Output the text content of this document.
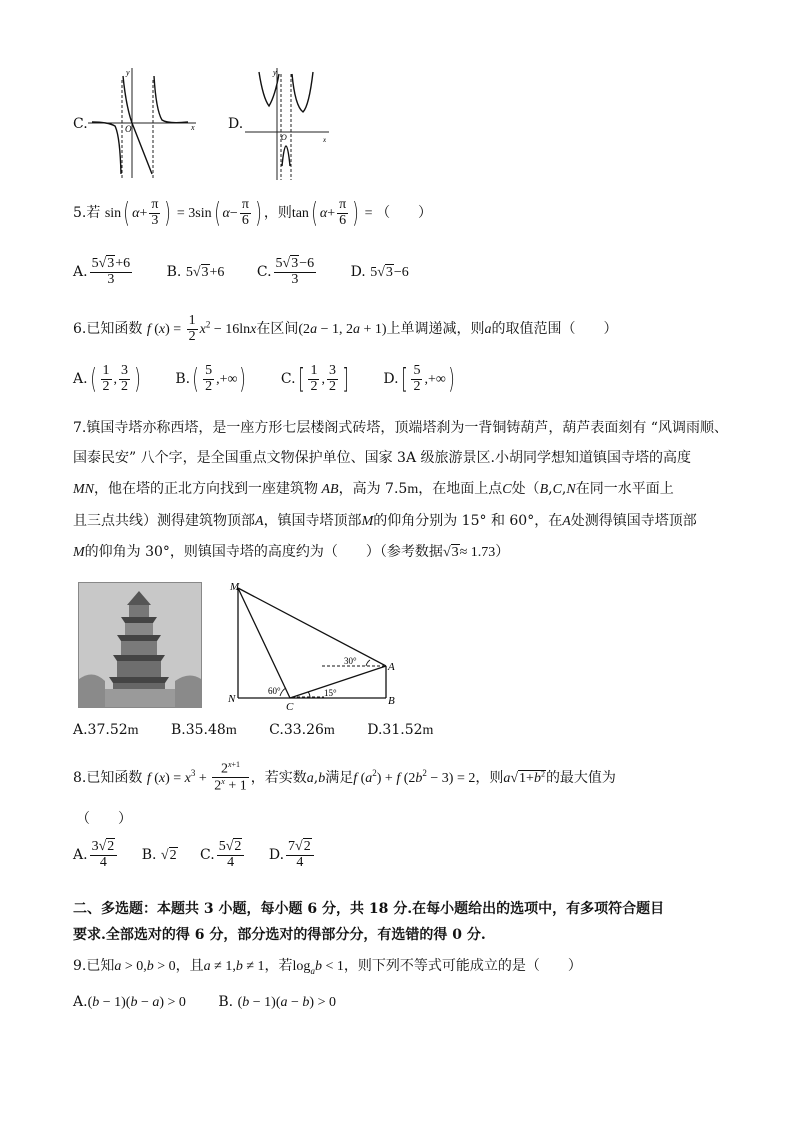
C.
y
O	x D.
y
O	x
5.若 sin( $\alpha+ \frac{\pi}{3}$ ) = 3sin( $\alpha- \frac{\pi}{6}$ ) ，则tan( $\alpha+ \frac{\pi}{6}$ ) = （　　）
A. $\frac{5√3+6}{3} B$. 5√3+6 C. $\frac{5√3-6}{3} D$. 5√3−6
6.已知函数 f $(x) = \frac{1}{2} x^2 - 16\ln x$在区间(2a − 1, 2a + 1)上单调递减，则a的取值范围（　　）
$A.( \frac{1}{2}$ , $\frac{3}{2}$ ) $B.( \frac{5}{2}$ ,+∞) $C.[ \frac{1}{2}$ , $\frac{3}{2}$ ] $D.[ \frac{5}{2}$ ,+∞)
7.镇国寺塔亦称西塔，是一座方形七层楼阁式砖塔，顶端塔刹为一背铜铸葫芦，葫芦表面刻有 “风调雨顺、
国泰民安” 八个字，是全国重点文物保护单位、国家 3A 级旅游景区.小胡同学想知道镇国寺塔的高度
MN，他在塔的正北方向找到一座建筑物 AB，高为 7.5m，在地面上点C处（B,C,N在同一水平面上
且三点共线）测得建筑物顶部A，镇国寺塔顶部M的仰角分别为 15° 和 60°，在A处测得镇国寺塔顶部
M的仰角为 30°，则镇国寺塔的高度约为（　　）（参考数据√3≈ 1.73）
M
N
C
A
B
30°
60°	15°
A.37.52m B.35.48m C.33.26m D.31.52m
8.已知函数 f $(x) = x^3 + \frac{2^{x+1}}{2^x + 1}$ ，若实数a,b满足f $(a^2) + f$ $(2b^2 - 3) = 2$，则$a√1+b^2$的最大值为
（　　）
A. $\frac{3√2}{4} B$. √2 C. $\frac{5√2}{4} D$. $\frac{7√2}{4}$
二、多选题：本题共 3 小题，每小题 6 分，共 18 分.在每小题给出的选项中，有多项符合题目
要求.全部选对的得 6 分，部分选对的得部分分，有选错的得 0 分.
9.已知a > 0,b > 0，且a ≠ 1,b ≠ 1，若$\log_ab < 1$，则下列不等式可能成立的是（　　）
A.(b − 1)(b − a) > 0 B. (b − 1)(a − b) > 0
